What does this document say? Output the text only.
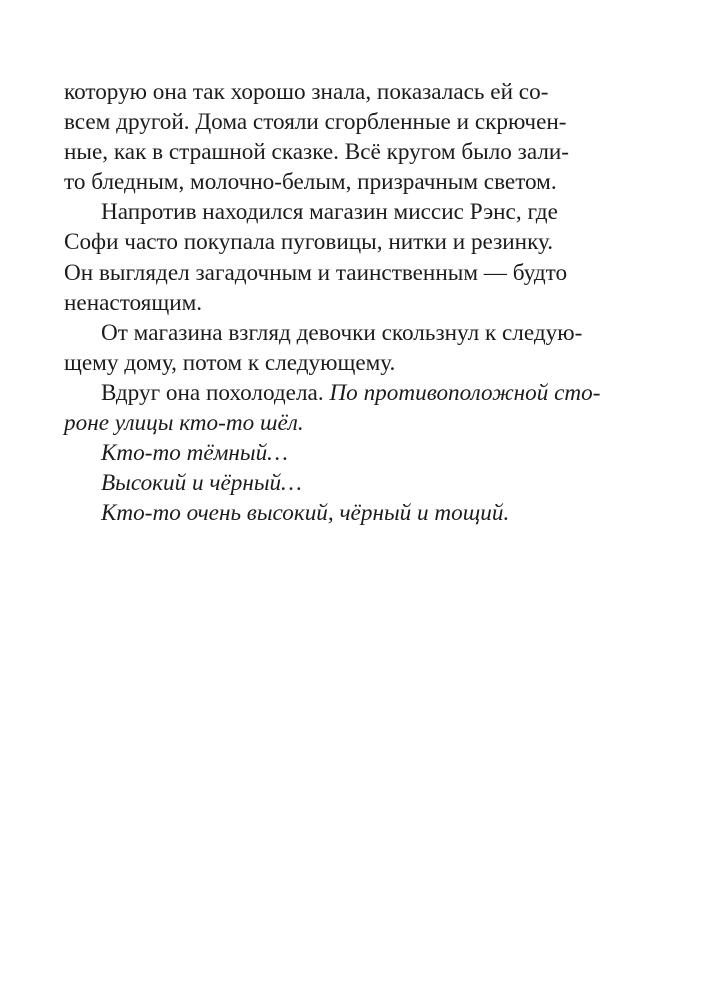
которую она так хорошо знала, показалась ей со-
всем другой. Дома стояли сгорбленные и скрючен-
ные, как в страшной сказке. Всё кругом было зали-
то бледным, молочно-белым, призрачным светом.
Напротив находился магазин миссис Рэнс, где
Софи часто покупала пуговицы, нитки и резинку.
Он выглядел загадочным и таинственным — будто
ненастоящим.
От магазина взгляд девочки скользнул к следую-
щему дому, потом к следующему.
Вдруг она похолодела. По противоположной сто-
роне улицы кто-то шёл.
Кто-то тёмный…
Высокий и чёрный…
Кто-то очень высокий, чёрный и тощий.
